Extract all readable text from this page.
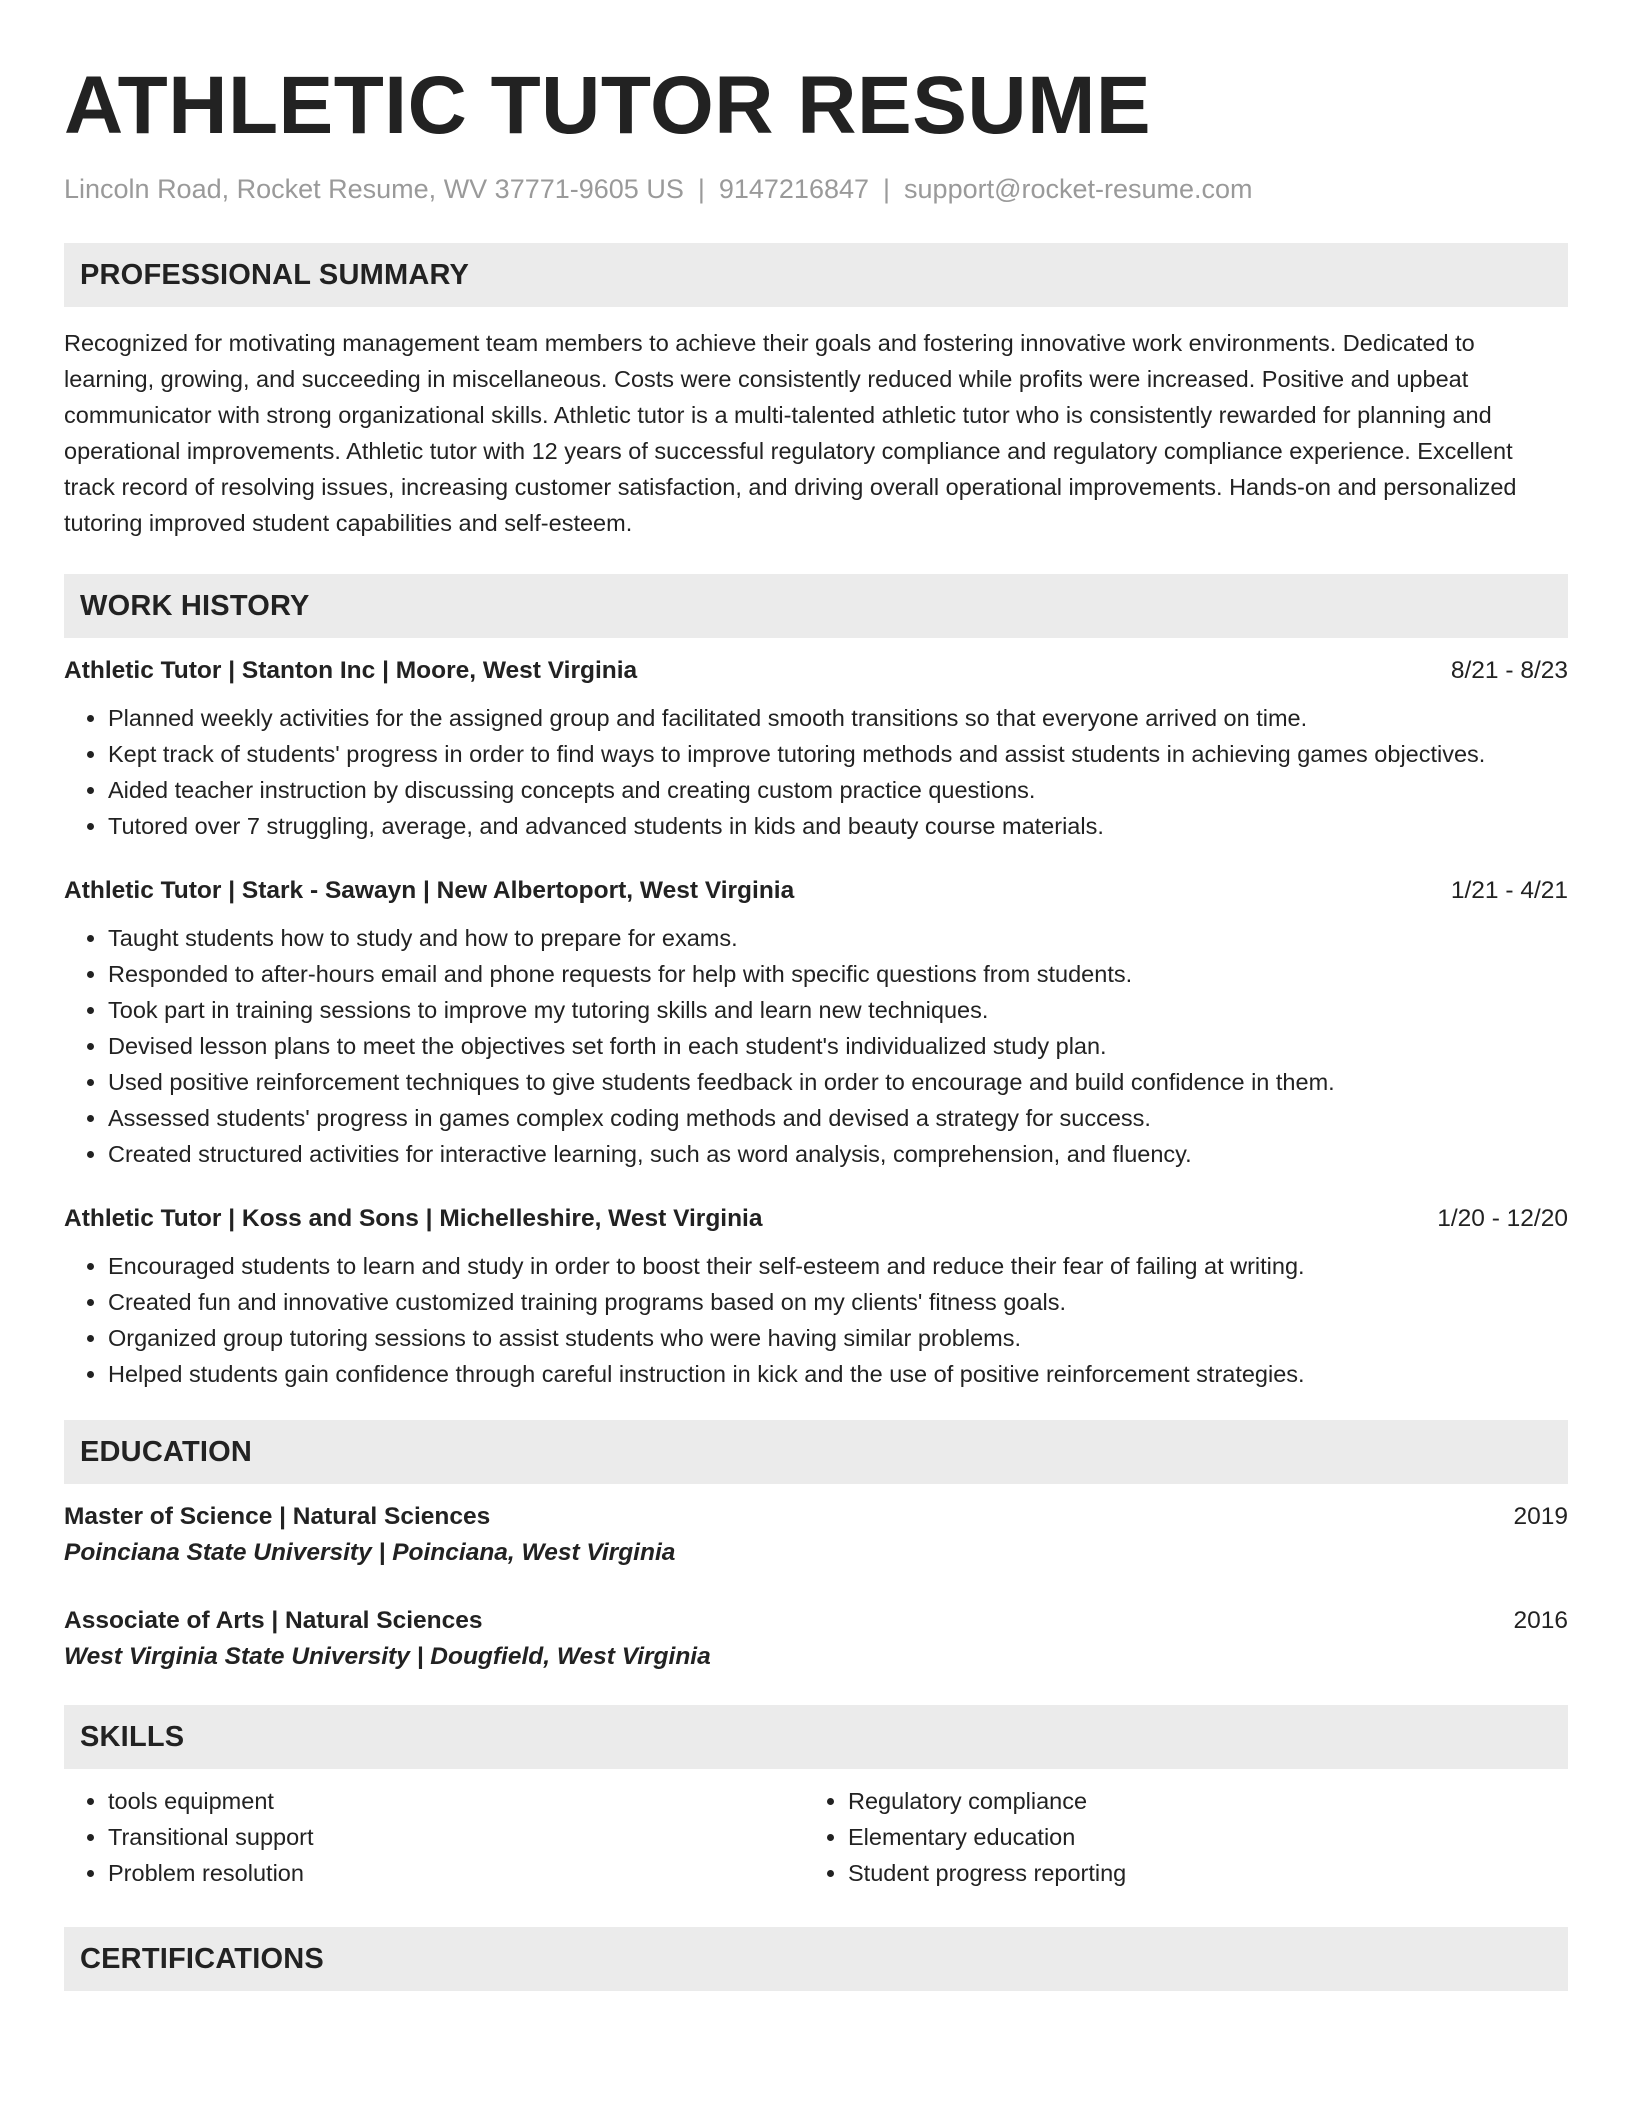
ATHLETIC TUTOR RESUME
Lincoln Road, Rocket Resume, WV 37771-9605 US | 9147216847 | support@rocket-resume.com
PROFESSIONAL SUMMARY
Recognized for motivating management team members to achieve their goals and fostering innovative work environments. Dedicated to learning, growing, and succeeding in miscellaneous. Costs were consistently reduced while profits were increased. Positive and upbeat communicator with strong organizational skills. Athletic tutor is a multi-talented athletic tutor who is consistently rewarded for planning and operational improvements. Athletic tutor with 12 years of successful regulatory compliance and regulatory compliance experience. Excellent track record of resolving issues, increasing customer satisfaction, and driving overall operational improvements. Hands-on and personalized tutoring improved student capabilities and self-esteem.
WORK HISTORY
Athletic Tutor | Stanton Inc | Moore, West Virginia	8/21 - 8/23
• Planned weekly activities for the assigned group and facilitated smooth transitions so that everyone arrived on time.
• Kept track of students' progress in order to find ways to improve tutoring methods and assist students in achieving games objectives.
• Aided teacher instruction by discussing concepts and creating custom practice questions.
• Tutored over 7 struggling, average, and advanced students in kids and beauty course materials.
Athletic Tutor | Stark - Sawayn | New Albertoport, West Virginia	1/21 - 4/21
• Taught students how to study and how to prepare for exams.
• Responded to after-hours email and phone requests for help with specific questions from students.
• Took part in training sessions to improve my tutoring skills and learn new techniques.
• Devised lesson plans to meet the objectives set forth in each student's individualized study plan.
• Used positive reinforcement techniques to give students feedback in order to encourage and build confidence in them.
• Assessed students' progress in games complex coding methods and devised a strategy for success.
• Created structured activities for interactive learning, such as word analysis, comprehension, and fluency.
Athletic Tutor | Koss and Sons | Michelleshire, West Virginia	1/20 - 12/20
• Encouraged students to learn and study in order to boost their self-esteem and reduce their fear of failing at writing.
• Created fun and innovative customized training programs based on my clients' fitness goals.
• Organized group tutoring sessions to assist students who were having similar problems.
• Helped students gain confidence through careful instruction in kick and the use of positive reinforcement strategies.
EDUCATION
Master of Science | Natural Sciences	2019
Poinciana State University | Poinciana, West Virginia
Associate of Arts | Natural Sciences	2016
West Virginia State University | Dougfield, West Virginia
SKILLS
• tools equipment
• Transitional support
• Problem resolution
• Regulatory compliance
• Elementary education
• Student progress reporting
CERTIFICATIONS
